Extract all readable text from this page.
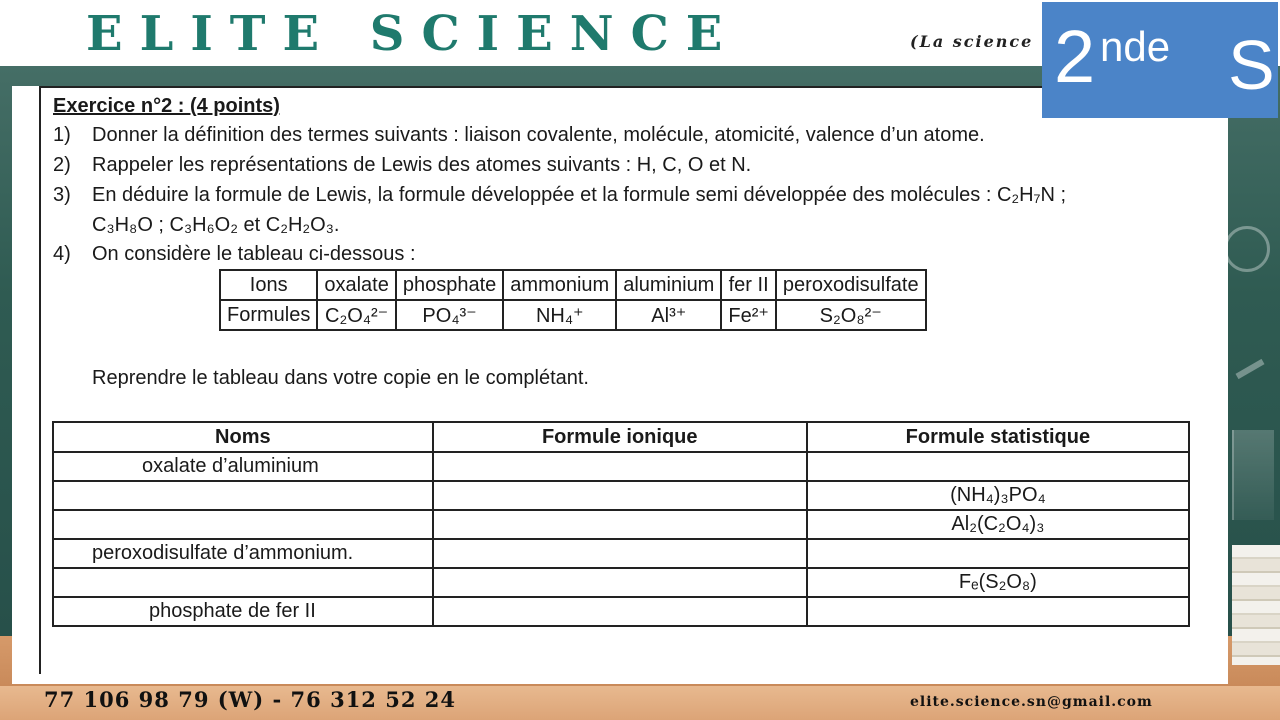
ELITE SCIENCE	(La science 2 nde S
Exercice n°2 : (4 points)
1) Donner la définition des termes suivants : liaison covalente, molécule, atomicité, valence d’un atome.
2) Rappeler les représentations de Lewis des atomes suivants : H, C, O et N.
3) En déduire la formule de Lewis, la formule développée et la formule semi développée des molécules : C₂H₇N ;
C₃H₈O ; C₃H₆O₂ et C₂H₂O₃.
4) On considère le tableau ci-dessous :
Ions	oxalate	phosphate	ammonium	aluminium	fer II	peroxodisulfate
Formules	C₂O₄²⁻	PO₄³⁻	NH₄⁺	Al³⁺	Fe²⁺	S₂O₈²⁻
Reprendre le tableau dans votre copie en le complétant.
Noms	Formule ionique	Formule statistique
oxalate d’aluminium		
		(NH₄)₃PO₄
		Al₂(C₂O₄)₃
peroxodisulfate d’ammonium.		
		Fₑ(S₂O₈)
phosphate de fer II		
77 106 98 79 (W) - 76 312 52 24	elite.science.sn@gmail.com
